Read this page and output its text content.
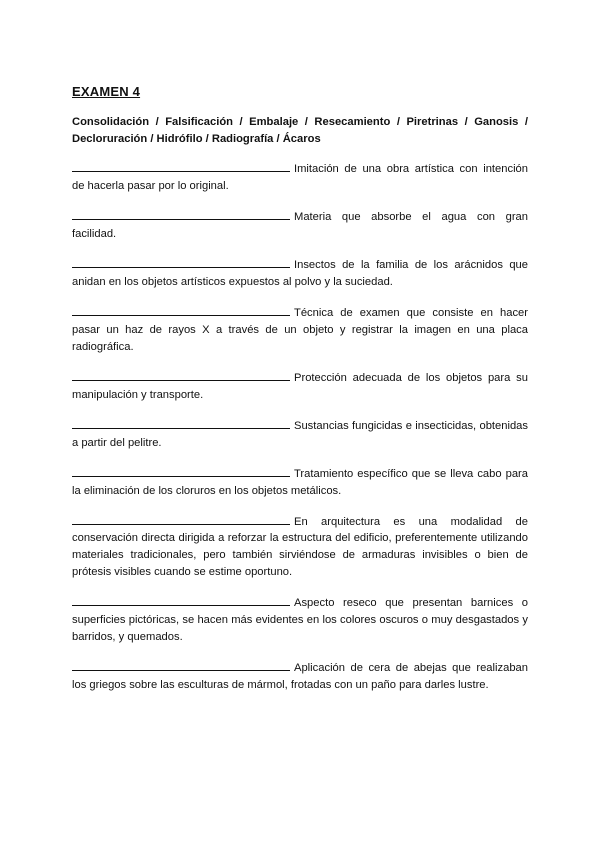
EXAMEN 4
Consolidación / Falsificación / Embalaje / Resecamiento / Piretrinas / Ganosis / Decloruración / Hidrófilo / Radiografía / Ácaros
Imitación de una obra artística con intención de hacerla pasar por lo original.
Materia que absorbe el agua con gran facilidad.
Insectos de la familia de los arácnidos que anidan en los objetos artísticos expuestos al polvo y la suciedad.
Técnica de examen que consiste en hacer pasar un haz de rayos X a través de un objeto y registrar la imagen en una placa radiográfica.
Protección adecuada de los objetos para su manipulación y transporte.
Sustancias fungicidas e insecticidas, obtenidas a partir del pelitre.
Tratamiento específico que se lleva cabo para la eliminación de los cloruros en los objetos metálicos.
En arquitectura es una modalidad de conservación directa dirigida a reforzar la estructura del edificio, preferentemente utilizando materiales tradicionales, pero también sirviéndose de armaduras invisibles o bien de prótesis visibles cuando se estime oportuno.
Aspecto reseco que presentan barnices o superficies pictóricas, se hacen más evidentes en los colores oscuros o muy desgastados y barridos, y quemados.
Aplicación de cera de abejas que realizaban los griegos sobre las esculturas de mármol, frotadas con un paño para darles lustre.
